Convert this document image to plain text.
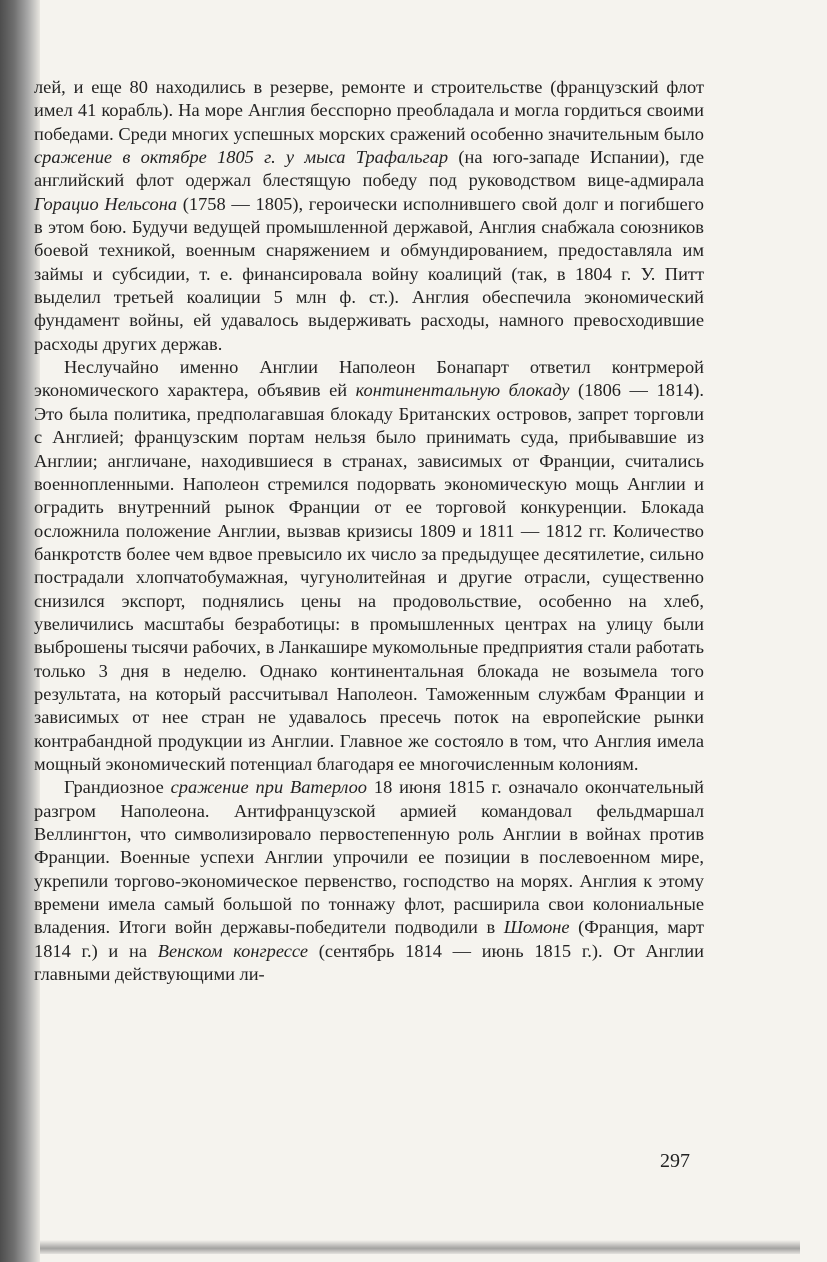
лей, и еще 80 находились в резерве, ремонте и строительстве (французский флот имел 41 корабль). На море Англия бесспорно преобладала и могла гордиться своими победами. Среди многих успешных морских сражений особенно значительным было сражение в октябре 1805 г. у мыса Трафальгар (на юго-западе Испании), где английский флот одержал блестящую победу под руководством вице-адмирала Горацио Нельсона (1758 — 1805), героически исполнившего свой долг и погибшего в этом бою. Будучи ведущей промышленной державой, Англия снабжала союзников боевой техникой, военным снаряжением и обмундированием, предоставляла им займы и субсидии, т. е. финансировала войну коалиций (так, в 1804 г. У. Питт выделил третьей коалиции 5 млн ф. ст.). Англия обеспечила экономический фундамент войны, ей удавалось выдерживать расходы, намного превосходившие расходы других держав.

Неслучайно именно Англии Наполеон Бонапарт ответил контрмерой экономического характера, объявив ей континентальную блокаду (1806 — 1814). Это была политика, предполагавшая блокаду Британских островов, запрет торговли с Англией; французским портам нельзя было принимать суда, прибывавшие из Англии; англичане, находившиеся в странах, зависимых от Франции, считались военнопленными. Наполеон стремился подорвать экономическую мощь Англии и оградить внутренний рынок Франции от ее торговой конкуренции. Блокада осложнила положение Англии, вызвав кризисы 1809 и 1811 — 1812 гг. Количество банкротств более чем вдвое превысило их число за предыдущее десятилетие, сильно пострадали хлопчатобумажная, чугунолитейная и другие отрасли, существенно снизился экспорт, поднялись цены на продовольствие, особенно на хлеб, увеличились масштабы безработицы: в промышленных центрах на улицу были выброшены тысячи рабочих, в Ланкашире мукомольные предприятия стали работать только 3 дня в неделю. Однако континентальная блокада не возымела того результата, на который рассчитывал Наполеон. Таможенным службам Франции и зависимых от нее стран не удавалось пресечь поток на европейские рынки контрабандной продукции из Англии. Главное же состояло в том, что Англия имела мощный экономический потенциал благодаря ее многочисленным колониям.

Грандиозное сражение при Ватерлоо 18 июня 1815 г. означало окончательный разгром Наполеона. Антифранцузской армией командовал фельдмаршал Веллингтон, что символизировало первостепенную роль Англии в войнах против Франции. Военные успехи Англии упрочили ее позиции в послевоенном мире, укрепили торгово-экономическое первенство, господство на морях. Англия к этому времени имела самый большой по тоннажу флот, расширила свои колониальные владения. Итоги войн державы-победители подводили в Шомоне (Франция, март 1814 г.) и на Венском конгрессе (сентябрь 1814 — июнь 1815 г.). От Англии главными действующими ли-

297
